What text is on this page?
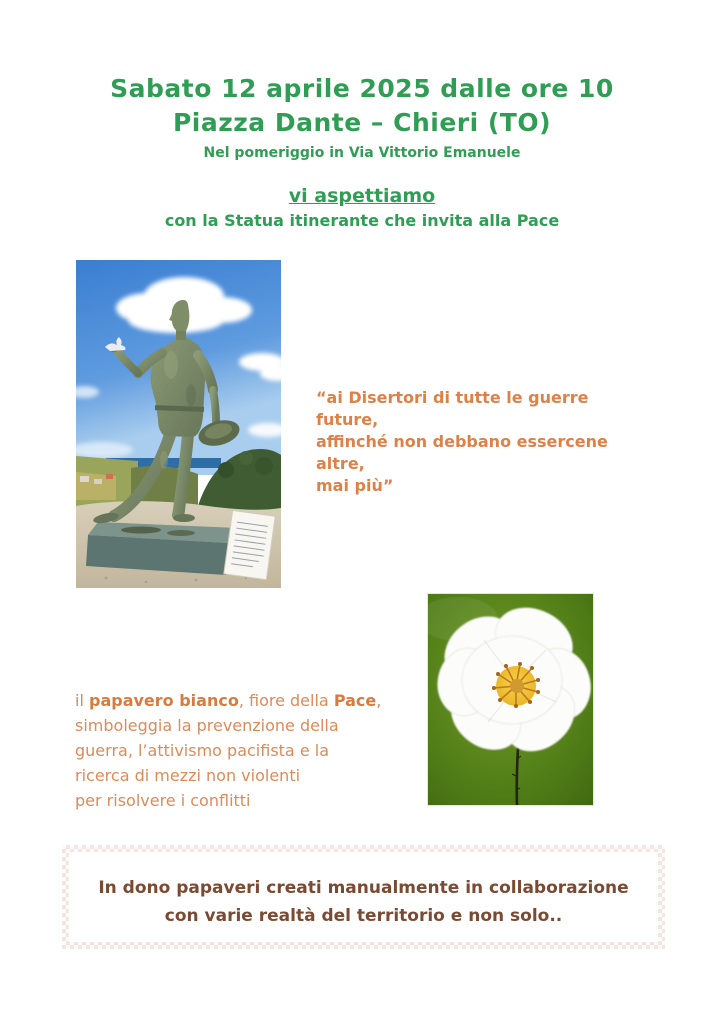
Sabato 12 aprile 2025 dalle ore 10
Piazza Dante – Chieri (TO)
Nel pomeriggio in Via Vittorio Emanuele
vi aspettiamo
con la Statua itinerante che invita alla Pace
“ai Disertori di tutte le guerre future,
affinché non debbano essercene altre,
mai più”
il papavero bianco, fiore della Pace,
simboleggia la prevenzione della
guerra, l’attivismo pacifista e la
ricerca di mezzi non violenti
per risolvere i conflitti
In dono papaveri creati manualmente in collaborazione
con varie realtà del territorio e non solo..
